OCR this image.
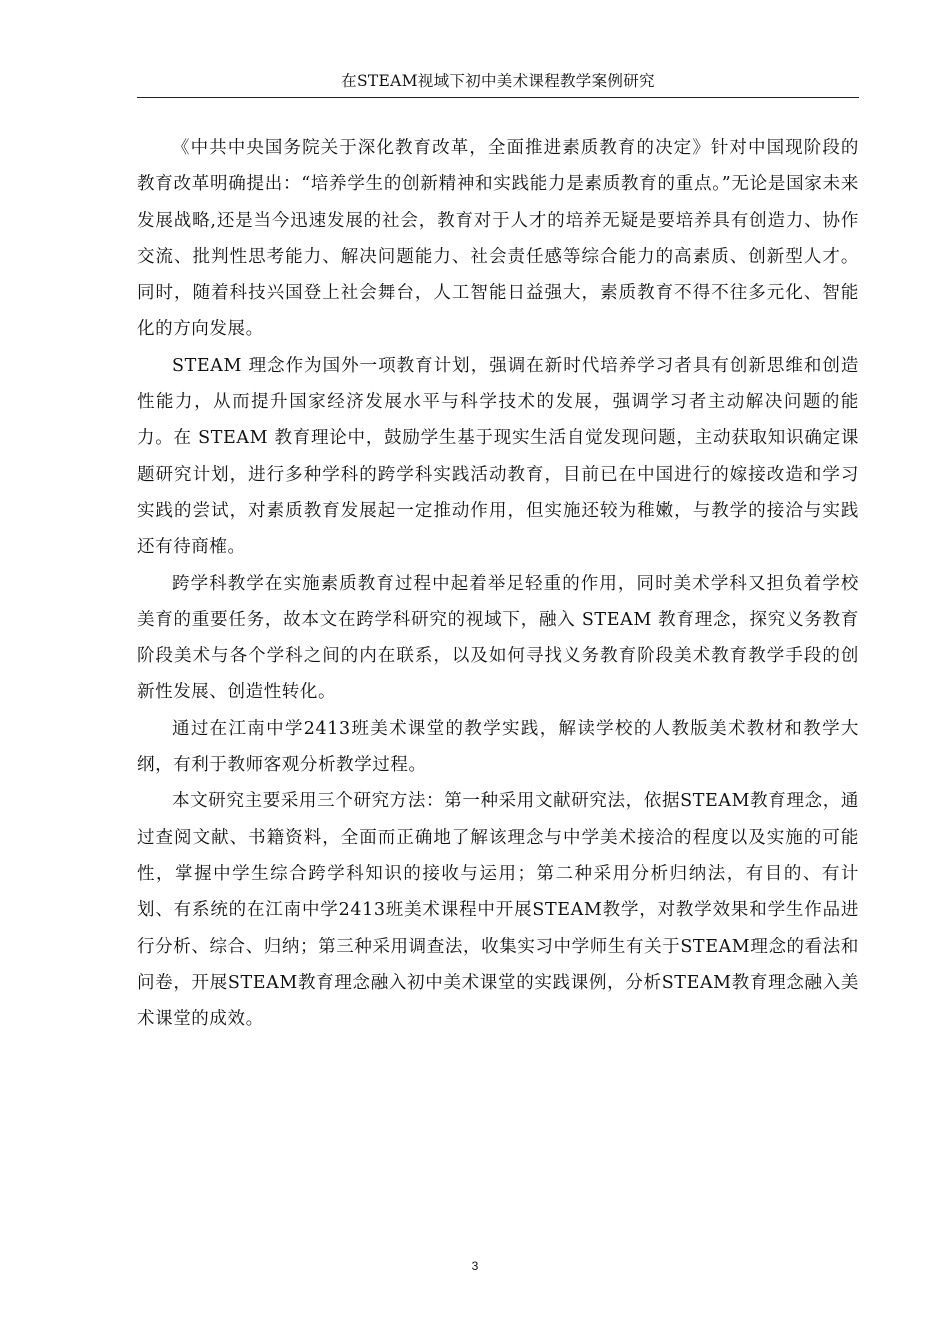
在STEAM视域下初中美术课程教学案例研究

《中共中央国务院关于深化教育改革，全面推进素质教育的决定》针对中国现阶段的教育改革明确提出：“培养学生的创新精神和实践能力是素质教育的重点。”无论是国家未来发展战略,还是当今迅速发展的社会，教育对于人才的培养无疑是要培养具有创造力、协作交流、批判性思考能力、解决问题能力、社会责任感等综合能力的高素质、创新型人才。同时，随着科技兴国登上社会舞台，人工智能日益强大，素质教育不得不往多元化、智能化的方向发展。

STEAM 理念作为国外一项教育计划，强调在新时代培养学习者具有创新思维和创造性能力，从而提升国家经济发展水平与科学技术的发展，强调学习者主动解决问题的能力。在 STEAM 教育理论中，鼓励学生基于现实生活自觉发现问题，主动获取知识确定课题研究计划，进行多种学科的跨学科实践活动教育，目前已在中国进行的嫁接改造和学习实践的尝试，对素质教育发展起一定推动作用，但实施还较为稚嫩，与教学的接洽与实践还有待商榷。

跨学科教学在实施素质教育过程中起着举足轻重的作用，同时美术学科又担负着学校美育的重要任务，故本文在跨学科研究的视域下，融入 STEAM 教育理念，探究义务教育阶段美术与各个学科之间的内在联系，以及如何寻找义务教育阶段美术教育教学手段的创新性发展、创造性转化。

通过在江南中学2413班美术课堂的教学实践，解读学校的人教版美术教材和教学大纲，有利于教师客观分析教学过程。

本文研究主要采用三个研究方法：第一种采用文献研究法，依据STEAM教育理念，通过查阅文献、书籍资料，全面而正确地了解该理念与中学美术接洽的程度以及实施的可能性，掌握中学生综合跨学科知识的接收与运用；第二种采用分析归纳法，有目的、有计划、有系统的在江南中学2413班美术课程中开展STEAM教学，对教学效果和学生作品进行分析、综合、归纳；第三种采用调查法，收集实习中学师生有关于STEAM理念的看法和问卷，开展STEAM教育理念融入初中美术课堂的实践课例，分析STEAM教育理念融入美术课堂的成效。

3
